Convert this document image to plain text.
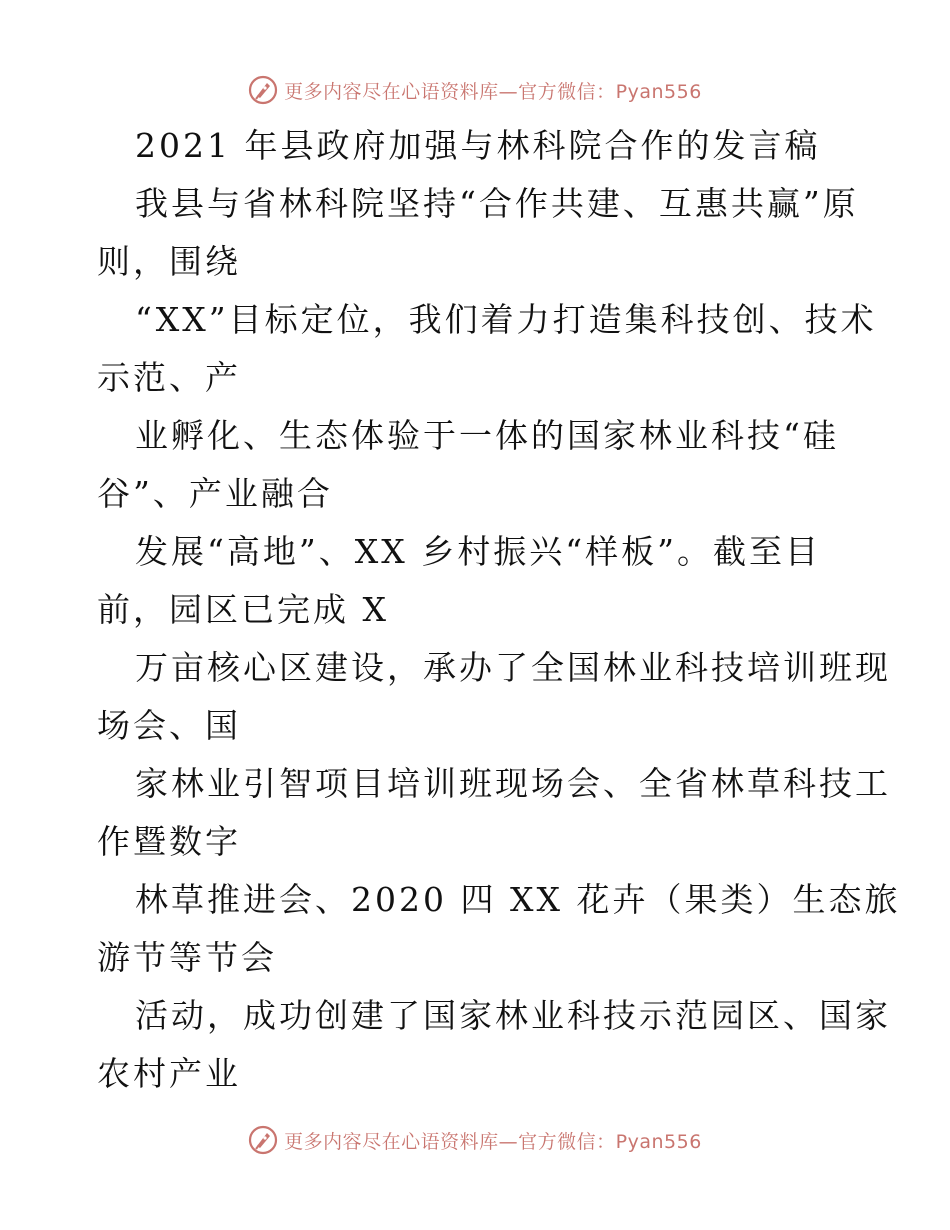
更多内容尽在心语资料库—官方微信：Pyan556
2021 年县政府加强与林科院合作的发言稿
我县与省林科院坚持“合作共建、互惠共赢”原
则，围绕
“XX”目标定位，我们着力打造集科技创、技术
示范、产
业孵化、生态体验于一体的国家林业科技“硅
谷”、产业融合
发展“高地”、XX 乡村振兴“样板”。截至目
前，园区已完成 X
万亩核心区建设，承办了全国林业科技培训班现
场会、国
家林业引智项目培训班现场会、全省林草科技工
作暨数字
林草推进会、2020 四 XX 花卉（果类）生态旅
游节等节会
活动，成功创建了国家林业科技示范园区、国家
农村产业
更多内容尽在心语资料库—官方微信：Pyan556
